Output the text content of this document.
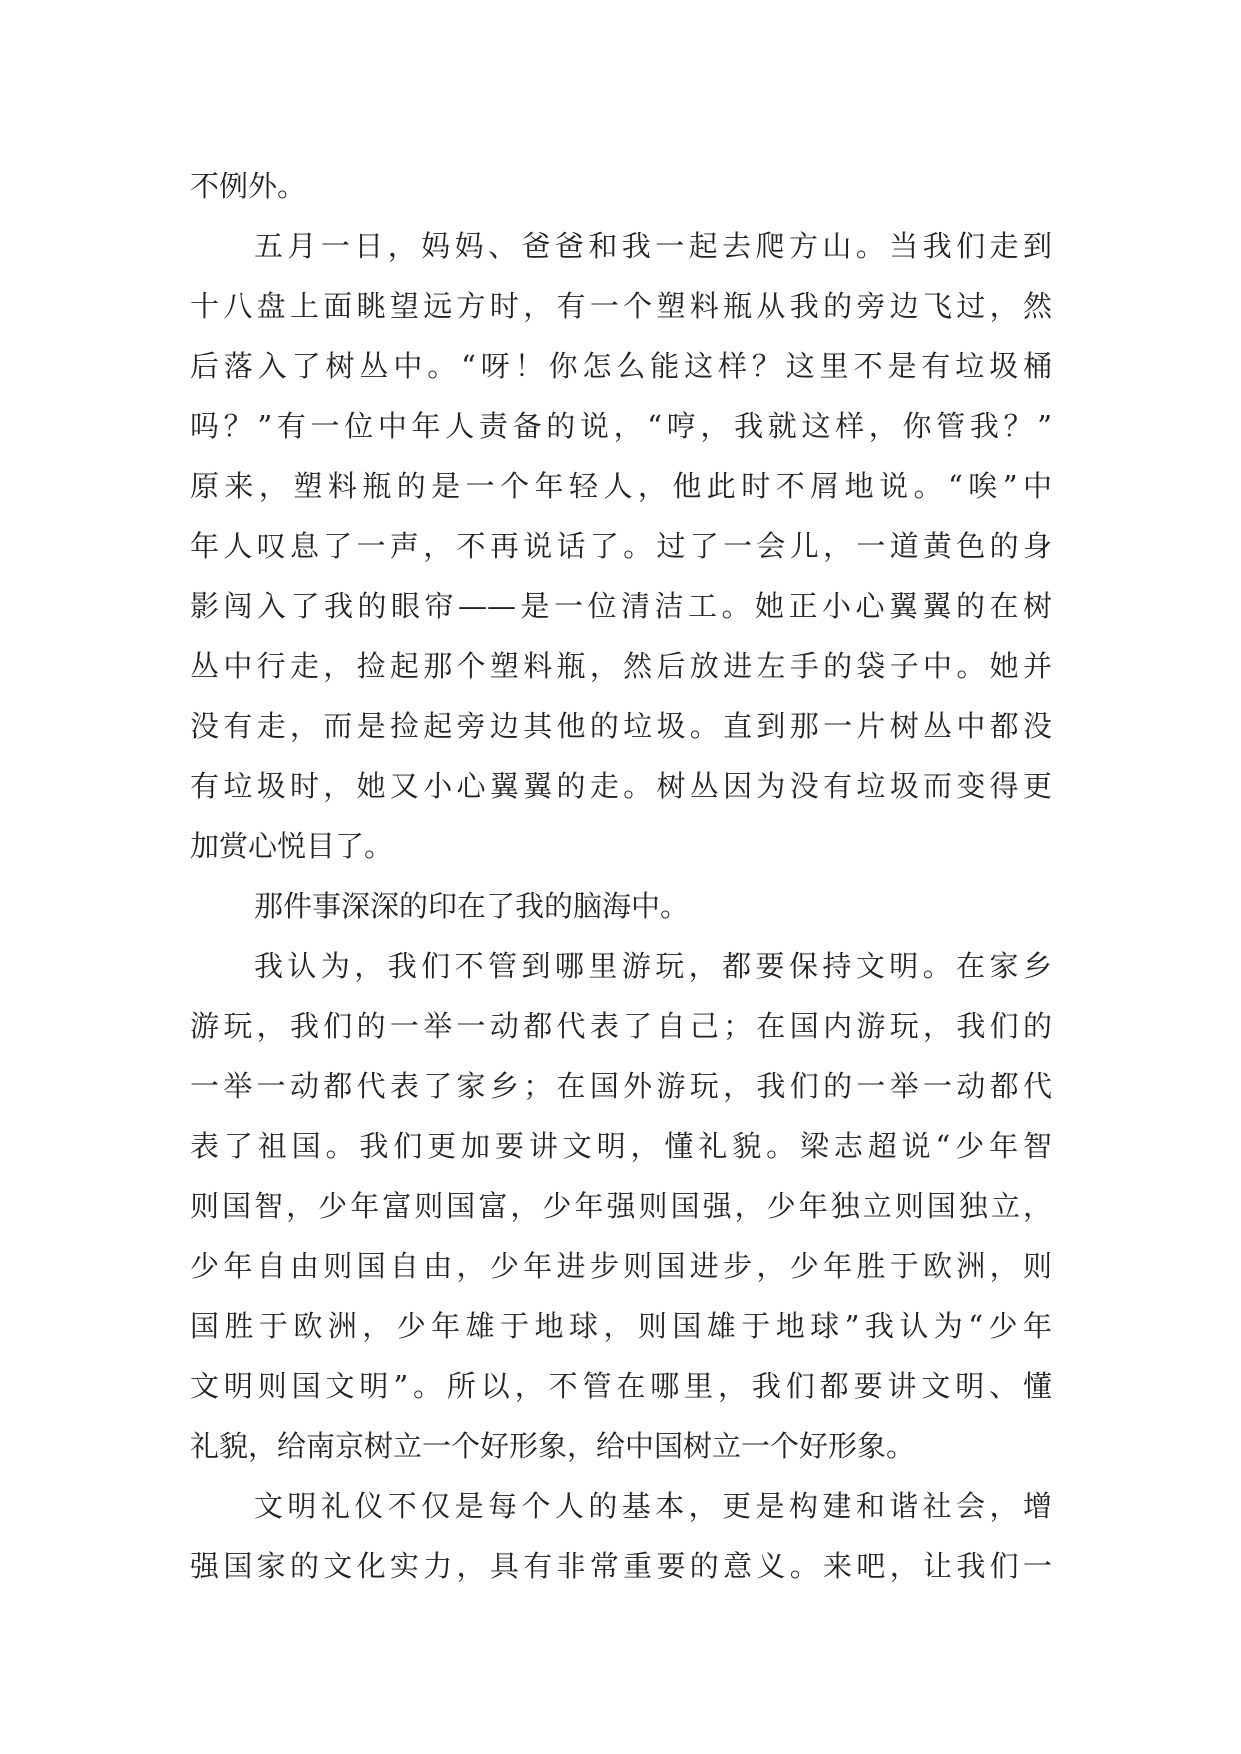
不例外。
五月一日，妈妈、爸爸和我一起去爬方山。当我们走到
十八盘上面眺望远方时，有一个塑料瓶从我的旁边飞过，然
后落入了树丛中。“呀！你怎么能这样？这里不是有垃圾桶
吗？”有一位中年人责备的说，“哼，我就这样，你管我？”
原来，塑料瓶的是一个年轻人，他此时不屑地说。“唉”中
年人叹息了一声，不再说话了。过了一会儿，一道黄色的身
影闯入了我的眼帘——是一位清洁工。她正小心翼翼的在树
丛中行走，捡起那个塑料瓶，然后放进左手的袋子中。她并
没有走，而是捡起旁边其他的垃圾。直到那一片树丛中都没
有垃圾时，她又小心翼翼的走。树丛因为没有垃圾而变得更
加赏心悦目了。
那件事深深的印在了我的脑海中。
我认为，我们不管到哪里游玩，都要保持文明。在家乡
游玩，我们的一举一动都代表了自己；在国内游玩，我们的
一举一动都代表了家乡；在国外游玩，我们的一举一动都代
表了祖国。我们更加要讲文明，懂礼貌。梁志超说“少年智
则国智，少年富则国富，少年强则国强，少年独立则国独立，
少年自由则国自由，少年进步则国进步，少年胜于欧洲，则
国胜于欧洲，少年雄于地球，则国雄于地球”我认为“少年
文明则国文明”。所以，不管在哪里，我们都要讲文明、懂
礼貌，给南京树立一个好形象，给中国树立一个好形象。
文明礼仪不仅是每个人的基本，更是构建和谐社会，增
强国家的文化实力，具有非常重要的意义。来吧，让我们一
